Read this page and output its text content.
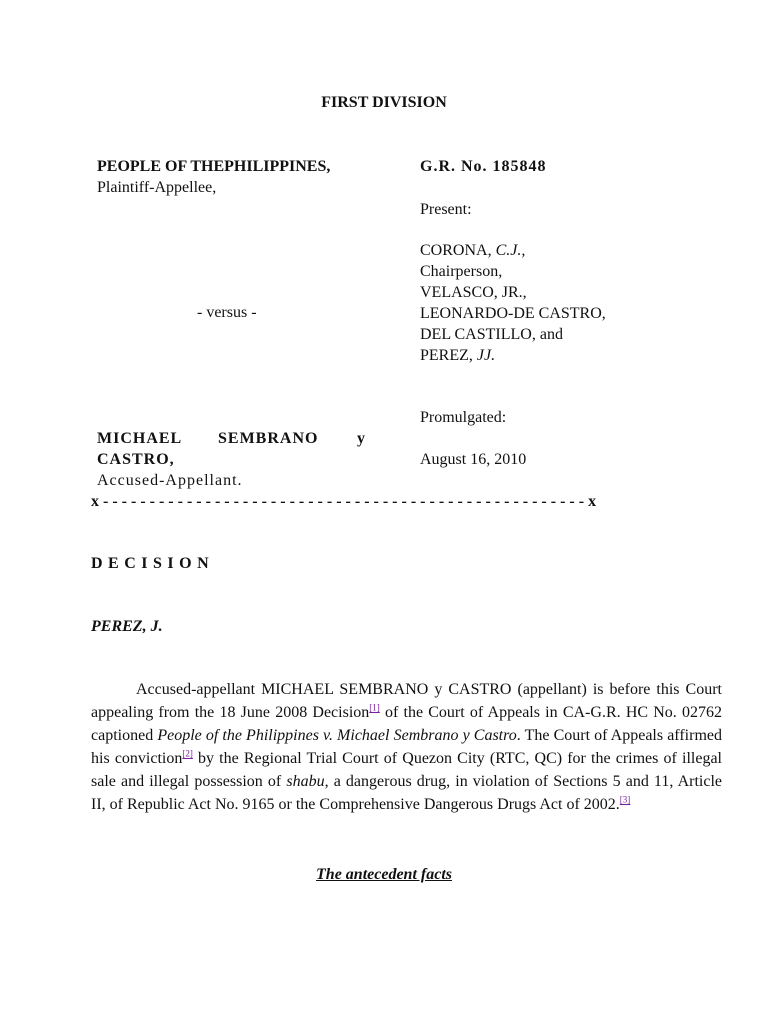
FIRST DIVISION
PEOPLE OF THEPHILIPPINES,
Plaintiff-Appellee,
- versus -
MICHAEL SEMBRANO y
CASTRO,
Accused-Appellant.
G.R. No. 185848
Present:
CORONA, C.J.,
Chairperson,
VELASCO, JR.,
LEONARDO-DE CASTRO,
DEL CASTILLO, and
PEREZ, JJ.
Promulgated:
August 16, 2010
x - - - - - - - - - - - - - - - - - - - - - - - - - - - - - - - - - - - - - - - - - - - - - - - - - - - - x
DECISION
PEREZ, J.
Accused-appellant MICHAEL SEMBRANO y CASTRO (appellant) is before this Court appealing from the 18 June 2008 Decision[1] of the Court of Appeals in CA-G.R. HC No. 02762 captioned People of the Philippines v. Michael Sembrano y Castro. The Court of Appeals affirmed his conviction[2] by the Regional Trial Court of Quezon City (RTC, QC) for the crimes of illegal sale and illegal possession of shabu, a dangerous drug, in violation of Sections 5 and 11, Article II, of Republic Act No. 9165 or the Comprehensive Dangerous Drugs Act of 2002.[3]
The antecedent facts
